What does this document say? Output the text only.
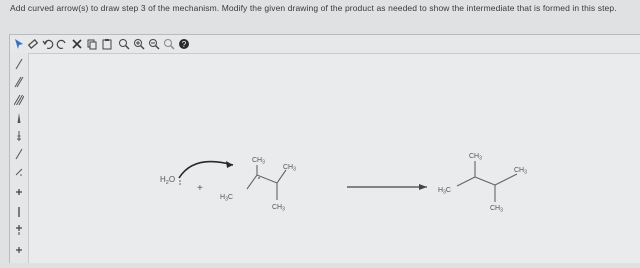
Add curved arrow(s) to draw step 3 of the mechanism. Modify the given drawing of the product as needed to show the intermediate that is formed in this step.
?
$H_2O$
+
$CH_3$
$CH_3$
$H_3C$
$CH_3$
$CH_3$
$CH_3$
$H_3C$
$CH_3$
